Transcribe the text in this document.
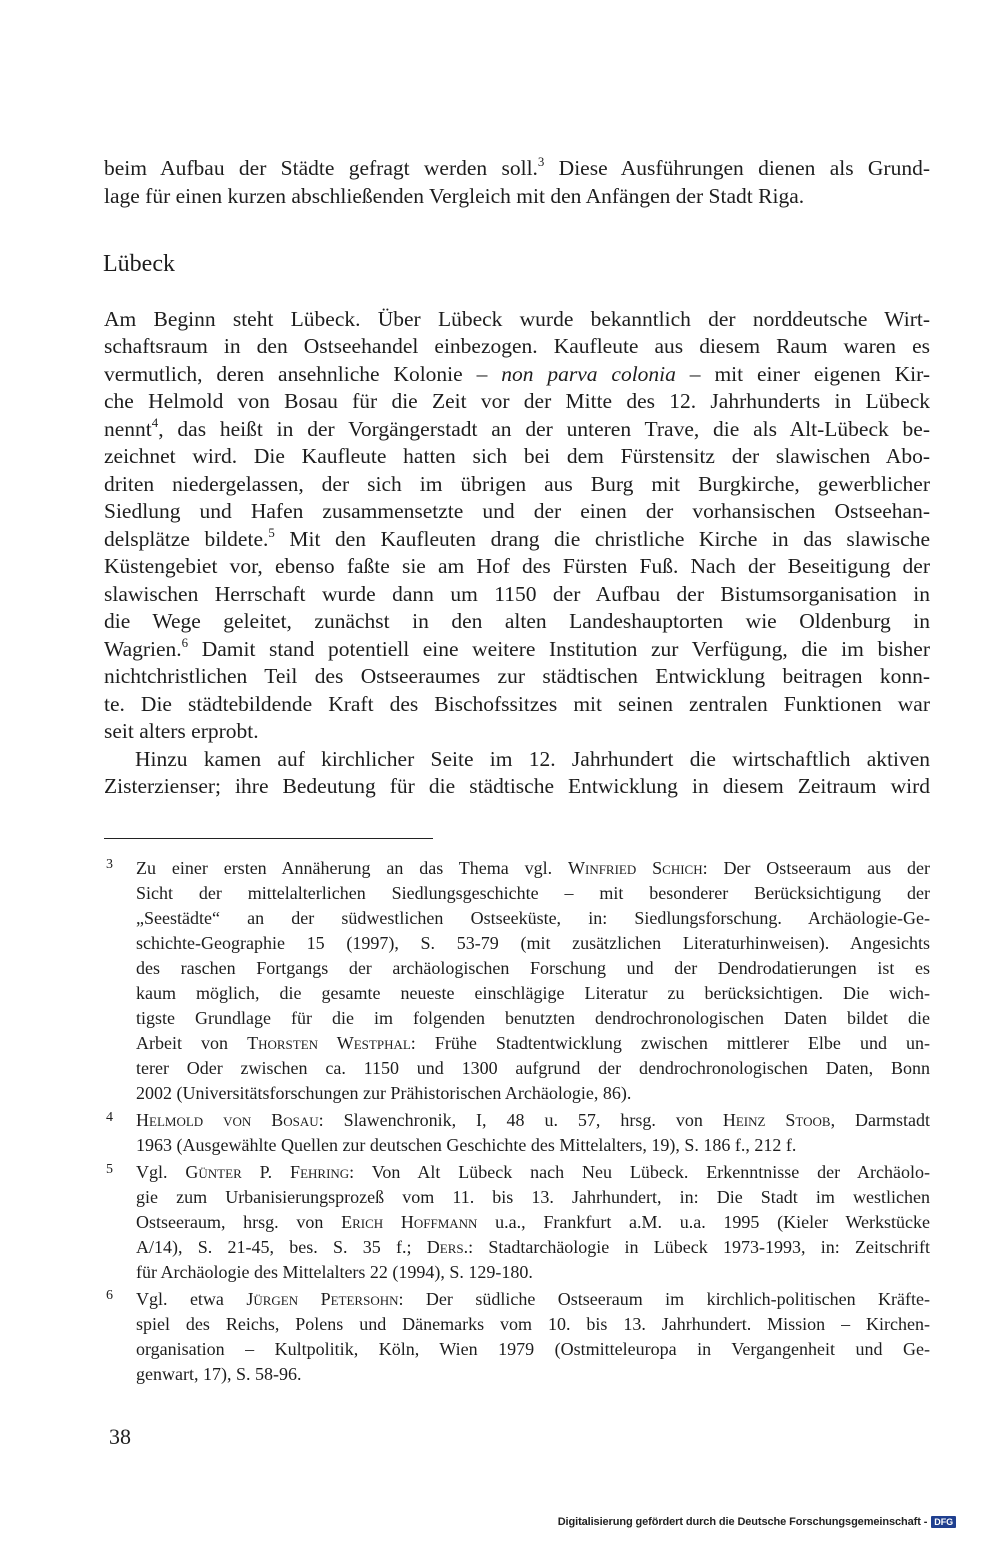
beim Aufbau der Städte gefragt werden soll.$^3$ Diese Ausführungen dienen als Grund-
lage für einen kurzen abschließenden Vergleich mit den Anfängen der Stadt Riga.
Lübeck
Am Beginn steht Lübeck. Über Lübeck wurde bekanntlich der norddeutsche Wirt-
schaftsraum in den Ostseehandel einbezogen. Kaufleute aus diesem Raum waren es
vermutlich, deren ansehnliche Kolonie – non parva colonia – mit einer eigenen Kir-
che Helmold von Bosau für die Zeit vor der Mitte des 12. Jahrhunderts in Lübeck
nennt$^4$, das heißt in der Vorgängerstadt an der unteren Trave, die als Alt-Lübeck be-
zeichnet wird. Die Kaufleute hatten sich bei dem Fürstensitz der slawischen Abo-
driten niedergelassen, der sich im übrigen aus Burg mit Burgkirche, gewerblicher
Siedlung und Hafen zusammensetzte und der einen der vorhansischen Ostseehan-
delsplätze bildete.$^5$ Mit den Kaufleuten drang die christliche Kirche in das slawische
Küstengebiet vor, ebenso faßte sie am Hof des Fürsten Fuß. Nach der Beseitigung der
slawischen Herrschaft wurde dann um 1150 der Aufbau der Bistumsorganisation in
die Wege geleitet, zunächst in den alten Landeshauptorten wie Oldenburg in
Wagrien.$^6$ Damit stand potentiell eine weitere Institution zur Verfügung, die im bisher
nichtchristlichen Teil des Ostseeraumes zur städtischen Entwicklung beitragen konn-
te. Die städtebildende Kraft des Bischofssitzes mit seinen zentralen Funktionen war
seit alters erprobt.
Hinzu kamen auf kirchlicher Seite im 12. Jahrhundert die wirtschaftlich aktiven
Zisterzienser; ihre Bedeutung für die städtische Entwicklung in diesem Zeitraum wird
3 Zu einer ersten Annäherung an das Thema vgl. Winfried Schich: Der Ostseeraum aus der
Sicht der mittelalterlichen Siedlungsgeschichte – mit besonderer Berücksichtigung der
„Seestädte“ an der südwestlichen Ostseeküste, in: Siedlungsforschung. Archäologie-Ge-
schichte-Geographie 15 (1997), S. 53-79 (mit zusätzlichen Literaturhinweisen). Angesichts
des raschen Fortgangs der archäologischen Forschung und der Dendrodatierungen ist es
kaum möglich, die gesamte neueste einschlägige Literatur zu berücksichtigen. Die wich-
tigste Grundlage für die im folgenden benutzten dendrochronologischen Daten bildet die
Arbeit von Thorsten Westphal: Frühe Stadtentwicklung zwischen mittlerer Elbe und un-
terer Oder zwischen ca. 1150 und 1300 aufgrund der dendrochronologischen Daten, Bonn
2002 (Universitätsforschungen zur Prähistorischen Archäologie, 86).
4 Helmold von Bosau: Slawenchronik, I, 48 u. 57, hrsg. von Heinz Stoob, Darmstadt
1963 (Ausgewählte Quellen zur deutschen Geschichte des Mittelalters, 19), S. 186 f., 212 f.
5 Vgl. Günter P. Fehring: Von Alt Lübeck nach Neu Lübeck. Erkenntnisse der Archäolo-
gie zum Urbanisierungsprozeß vom 11. bis 13. Jahrhundert, in: Die Stadt im westlichen
Ostseeraum, hrsg. von Erich Hoffmann u.a., Frankfurt a.M. u.a. 1995 (Kieler Werkstücke
A/14), S. 21-45, bes. S. 35 f.; Ders.: Stadtarchäologie in Lübeck 1973-1993, in: Zeitschrift
für Archäologie des Mittelalters 22 (1994), S. 129-180.
6 Vgl. etwa Jürgen Petersohn: Der südliche Ostseeraum im kirchlich-politischen Kräfte-
spiel des Reichs, Polens und Dänemarks vom 10. bis 13. Jahrhundert. Mission – Kirchen-
organisation – Kultpolitik, Köln, Wien 1979 (Ostmitteleuropa in Vergangenheit und Ge-
genwart, 17), S. 58-96.
38
Digitalisierung gefördert durch die Deutsche Forschungsgemeinschaft - DFG
